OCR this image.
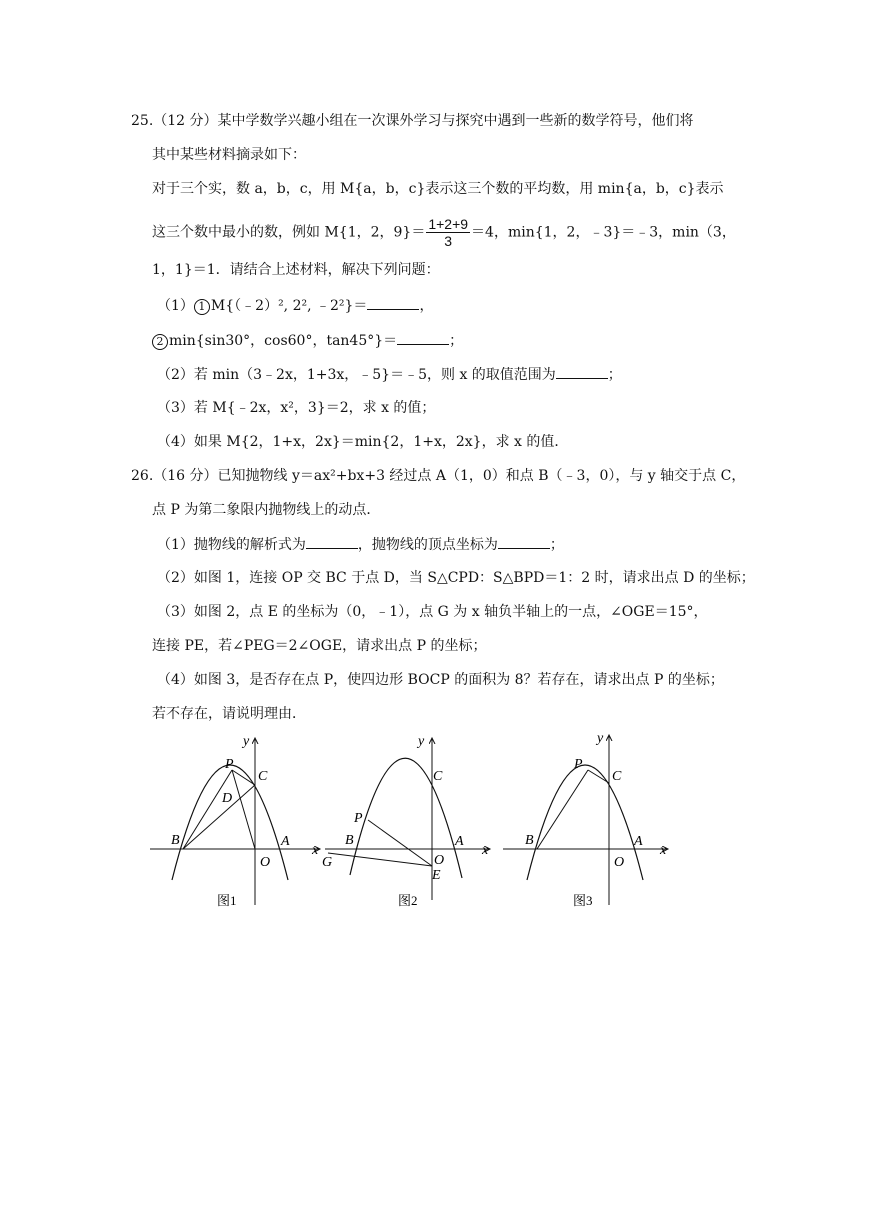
25.（12 分）某中学数学兴趣小组在一次课外学习与探究中遇到一些新的数学符号，他们将
其中某些材料摘录如下：
对于三个实，数 a，b，c，用 M{a，b，c}表示这三个数的平均数，用 min{a，b，c}表示
这三个数中最小的数，例如 M{1，2，$9\}= \frac{1+2+9}{3} =4$，min{1，2，﹣3}＝﹣3，min（3，
1，1}＝1．请结合上述材料，解决下列问题：
（1） 1 M{（﹣2）², 2², ﹣2²}＝	，
2 min{sin30°，cos60°，tan45°}＝	；
（2）若 min（3﹣2x，1+3x，﹣5}＝﹣5，则 x 的取值范围为	；
（3）若 M{﹣2x，x²，3}＝2，求 x 的值；
（4）如果 M{2，1+x，2x}＝min{2，1+x，2x}，求 x 的值．
26.（16 分）已知抛物线 y＝ax²+bx+3 经过点 A（1，0）和点 B（﹣3，0），与 y 轴交于点 C，
点 P 为第二象限内抛物线上的动点．
（1）抛物线的解析式为	，抛物线的顶点坐标为	；
（2）如图 1，连接 OP 交 BC 于点 D，当 S△CPD：S△BPD＝1：2 时，请求出点 D 的坐标；
（3）如图 2，点 E 的坐标为（0，﹣1），点 G 为 x 轴负半轴上的一点，∠OGE＝15°，
连接 PE，若∠PEG＝2∠OGE，请求出点 P 的坐标；
（4）如图 3，是否存在点 P，使四边形 BOCP 的面积为 8？若存在，请求出点 P 的坐标；
若不存在，请说明理由．
y
x
P
C
D
B
O
A
图1
y
x
P
C
B
G	O
E
A
图2
y
x
P
C
B
O
A
图3
